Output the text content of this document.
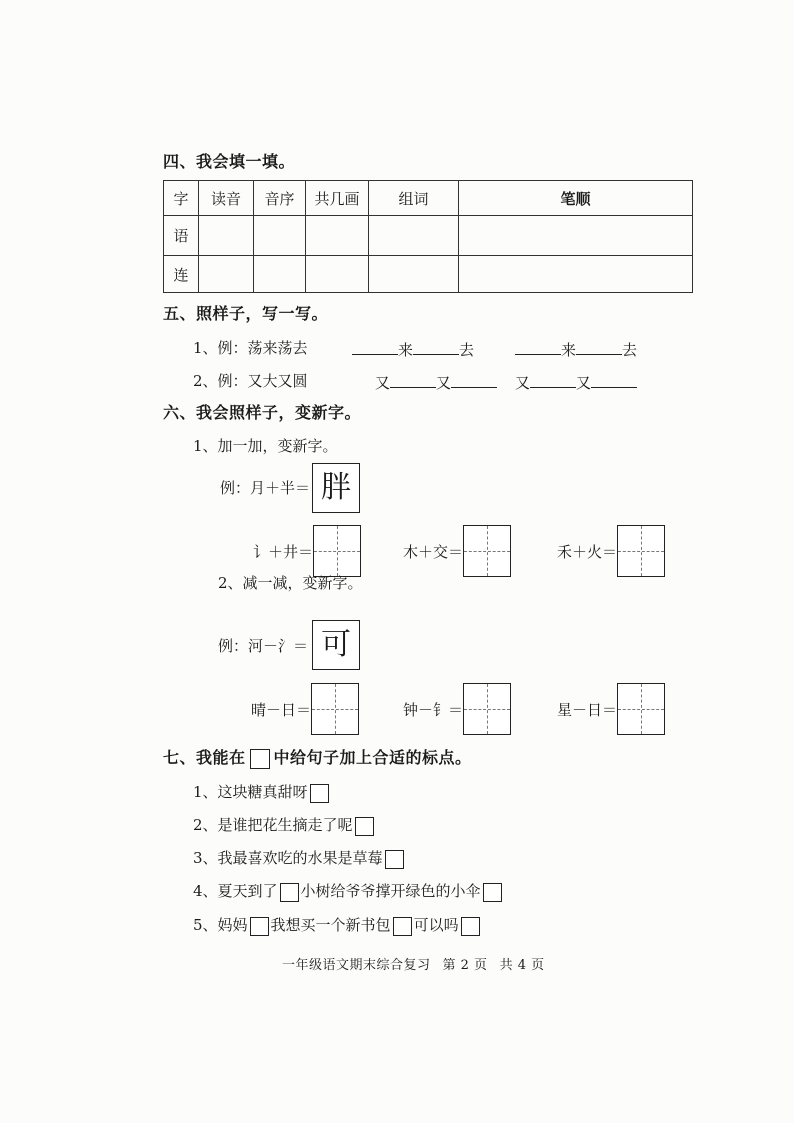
四、我会填一填。
字	读音	音序	共几画	组词	笔顺
语					
连					
五、照样子，写一写。
1、例：荡来荡去	来	去	来	去
2、例：又大又圆	又	又	又	又
六、我会照样子，变新字。
1、加一加，变新字。
例：月＋半＝ 胖
讠＋井＝	木＋交＝	禾＋火＝
2、减一减，变新字。
例：河－氵＝ 可
晴－日＝	钟－钅＝	星－日＝
七、我能在 中给句子加上合适的标点。
1、这块糖真甜呀
2、是谁把花生摘走了呢
3、我最喜欢吃的水果是草莓
4、夏天到了 小树给爷爷撑开绿色的小伞
5、妈妈 我想买一个新书包 可以吗
一年级语文期末综合复习 第 2 页 共 4 页
